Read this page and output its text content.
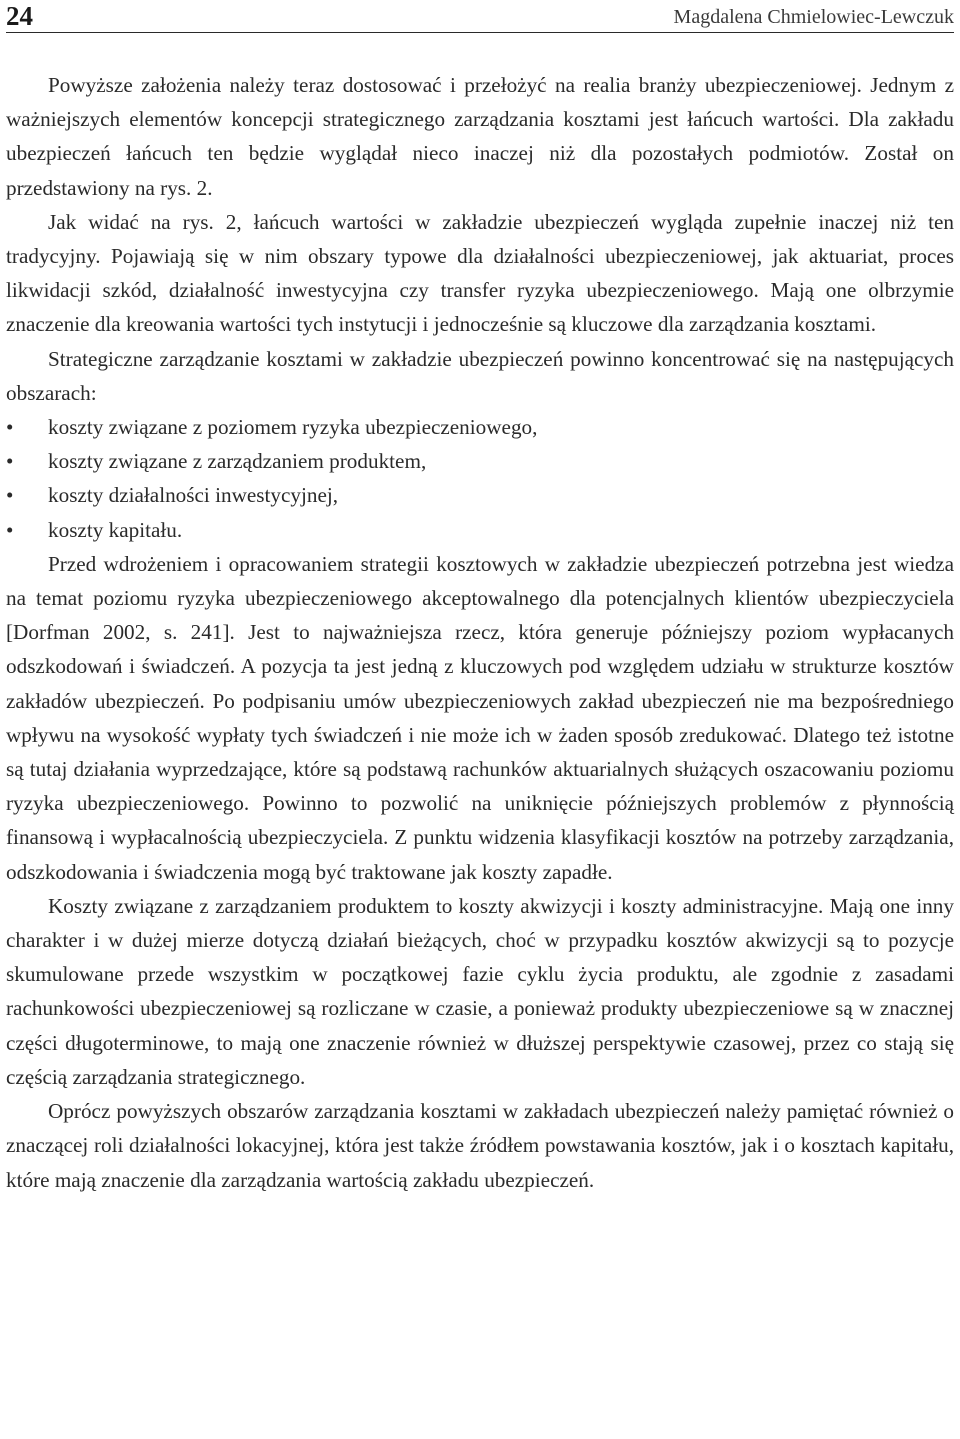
24	Magdalena Chmielowiec-Lewczuk

Powyższe założenia należy teraz dostosować i przełożyć na realia branży ubezpieczeniowej. Jednym z ważniejszych elementów koncepcji strategicznego zarządzania kosztami jest łańcuch wartości. Dla zakładu ubezpieczeń łańcuch ten będzie wyglądał nieco inaczej niż dla pozostałych podmiotów. Został on przedstawiony na rys. 2.

Jak widać na rys. 2, łańcuch wartości w zakładzie ubezpieczeń wygląda zupełnie inaczej niż ten tradycyjny. Pojawiają się w nim obszary typowe dla działalności ubezpieczeniowej, jak aktuariat, proces likwidacji szkód, działalność inwestycyjna czy transfer ryzyka ubezpieczeniowego. Mają one olbrzymie znaczenie dla kreowania wartości tych instytucji i jednocześnie są kluczowe dla zarządzania kosztami.

Strategiczne zarządzanie kosztami w zakładzie ubezpieczeń powinno koncentrować się na następujących obszarach:

• koszty związane z poziomem ryzyka ubezpieczeniowego,
• koszty związane z zarządzaniem produktem,
• koszty działalności inwestycyjnej,
• koszty kapitału.

Przed wdrożeniem i opracowaniem strategii kosztowych w zakładzie ubezpieczeń potrzebna jest wiedza na temat poziomu ryzyka ubezpieczeniowego akceptowalnego dla potencjalnych klientów ubezpieczyciela [Dorfman 2002, s. 241]. Jest to najważniejsza rzecz, która generuje późniejszy poziom wypłacanych odszkodowań i świadczeń. A pozycja ta jest jedną z kluczowych pod względem udziału w strukturze kosztów zakładów ubezpieczeń. Po podpisaniu umów ubezpieczeniowych zakład ubezpieczeń nie ma bezpośredniego wpływu na wysokość wypłaty tych świadczeń i nie może ich w żaden sposób zredukować. Dlatego też istotne są tutaj działania wyprzedzające, które są podstawą rachunków aktuarialnych służących oszacowaniu poziomu ryzyka ubezpieczeniowego. Powinno to pozwolić na uniknięcie późniejszych problemów z płynnością finansową i wypłacalnością ubezpieczyciela. Z punktu widzenia klasyfikacji kosztów na potrzeby zarządzania, odszkodowania i świadczenia mogą być traktowane jak koszty zapadłe.

Koszty związane z zarządzaniem produktem to koszty akwizycji i koszty administracyjne. Mają one inny charakter i w dużej mierze dotyczą działań bieżących, choć w przypadku kosztów akwizycji są to pozycje skumulowane przede wszystkim w początkowej fazie cyklu życia produktu, ale zgodnie z zasadami rachunkowości ubezpieczeniowej są rozliczane w czasie, a ponieważ produkty ubezpieczeniowe są w znacznej części długoterminowe, to mają one znaczenie również w dłuższej perspektywie czasowej, przez co stają się częścią zarządzania strategicznego.

Oprócz powyższych obszarów zarządzania kosztami w zakładach ubezpieczeń należy pamiętać również o znaczącej roli działalności lokacyjnej, która jest także źródłem powstawania kosztów, jak i o kosztach kapitału, które mają znaczenie dla zarządzania wartością zakładu ubezpieczeń.
